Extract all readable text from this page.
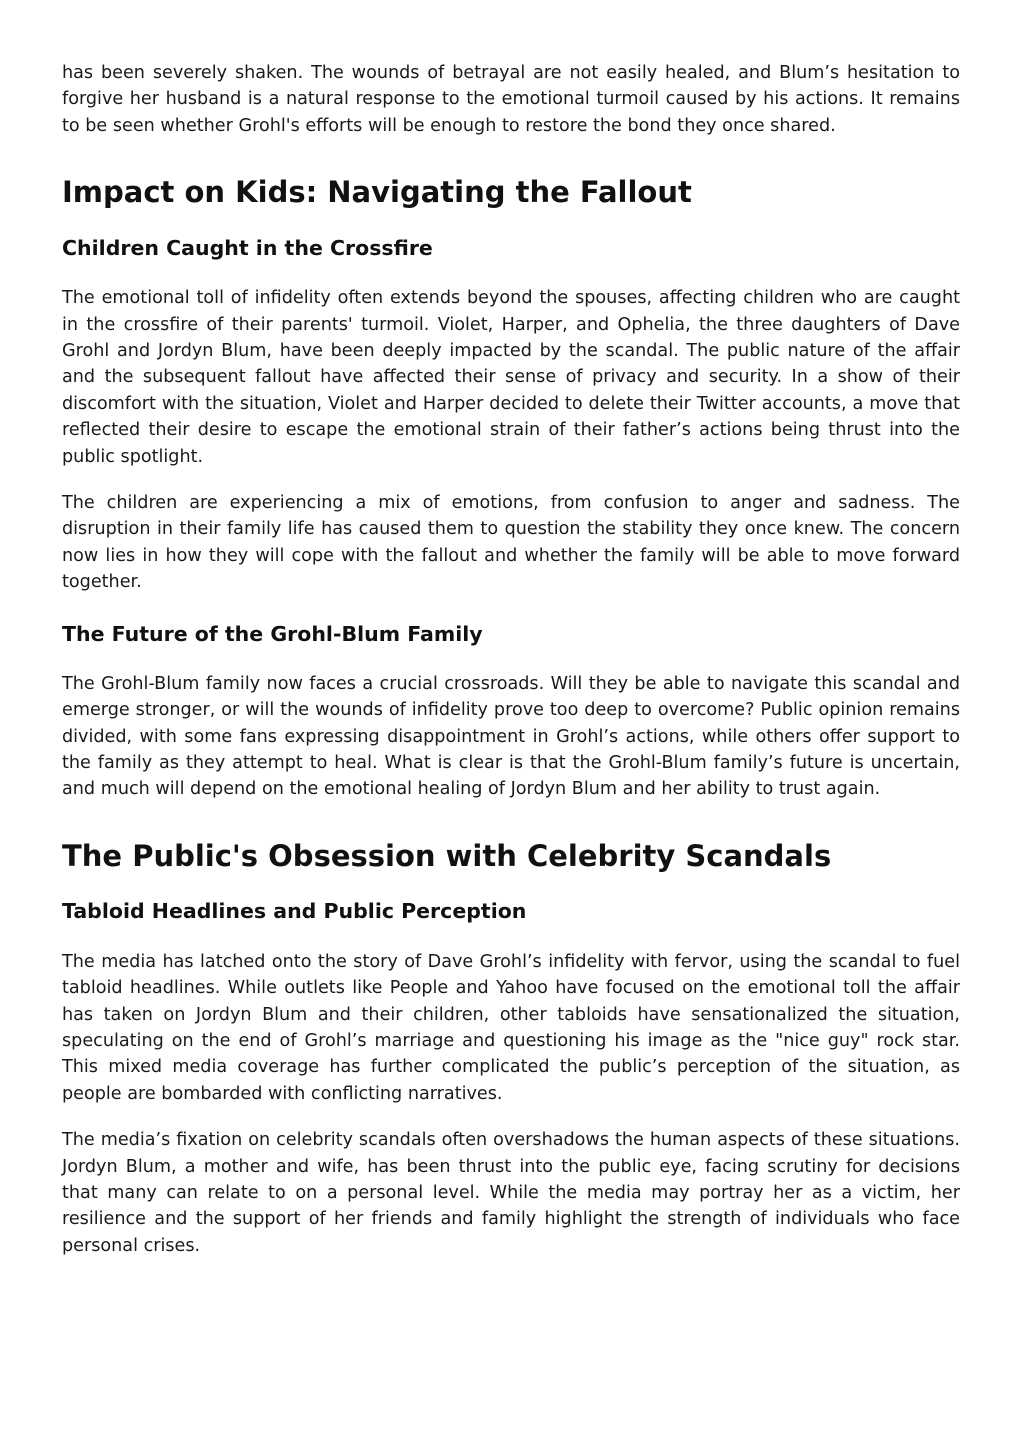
has been severely shaken. The wounds of betrayal are not easily healed, and Blum’s hesitation to forgive her husband is a natural response to the emotional turmoil caused by his actions. It remains to be seen whether Grohl's efforts will be enough to restore the bond they once shared.

Impact on Kids: Navigating the Fallout
Children Caught in the Crossfire

The emotional toll of infidelity often extends beyond the spouses, affecting children who are caught in the crossfire of their parents' turmoil. Violet, Harper, and Ophelia, the three daughters of Dave Grohl and Jordyn Blum, have been deeply impacted by the scandal. The public nature of the affair and the subsequent fallout have affected their sense of privacy and security. In a show of their discomfort with the situation, Violet and Harper decided to delete their Twitter accounts, a move that reflected their desire to escape the emotional strain of their father’s actions being thrust into the public spotlight.

The children are experiencing a mix of emotions, from confusion to anger and sadness. The disruption in their family life has caused them to question the stability they once knew. The concern now lies in how they will cope with the fallout and whether the family will be able to move forward together.

The Future of the Grohl-Blum Family

The Grohl-Blum family now faces a crucial crossroads. Will they be able to navigate this scandal and emerge stronger, or will the wounds of infidelity prove too deep to overcome? Public opinion remains divided, with some fans expressing disappointment in Grohl’s actions, while others offer support to the family as they attempt to heal. What is clear is that the Grohl-Blum family’s future is uncertain, and much will depend on the emotional healing of Jordyn Blum and her ability to trust again.

The Public's Obsession with Celebrity Scandals
Tabloid Headlines and Public Perception

The media has latched onto the story of Dave Grohl’s infidelity with fervor, using the scandal to fuel tabloid headlines. While outlets like People and Yahoo have focused on the emotional toll the affair has taken on Jordyn Blum and their children, other tabloids have sensationalized the situation, speculating on the end of Grohl’s marriage and questioning his image as the "nice guy" rock star. This mixed media coverage has further complicated the public’s perception of the situation, as people are bombarded with conflicting narratives.

The media’s fixation on celebrity scandals often overshadows the human aspects of these situations. Jordyn Blum, a mother and wife, has been thrust into the public eye, facing scrutiny for decisions that many can relate to on a personal level. While the media may portray her as a victim, her resilience and the support of her friends and family highlight the strength of individuals who face personal crises.
